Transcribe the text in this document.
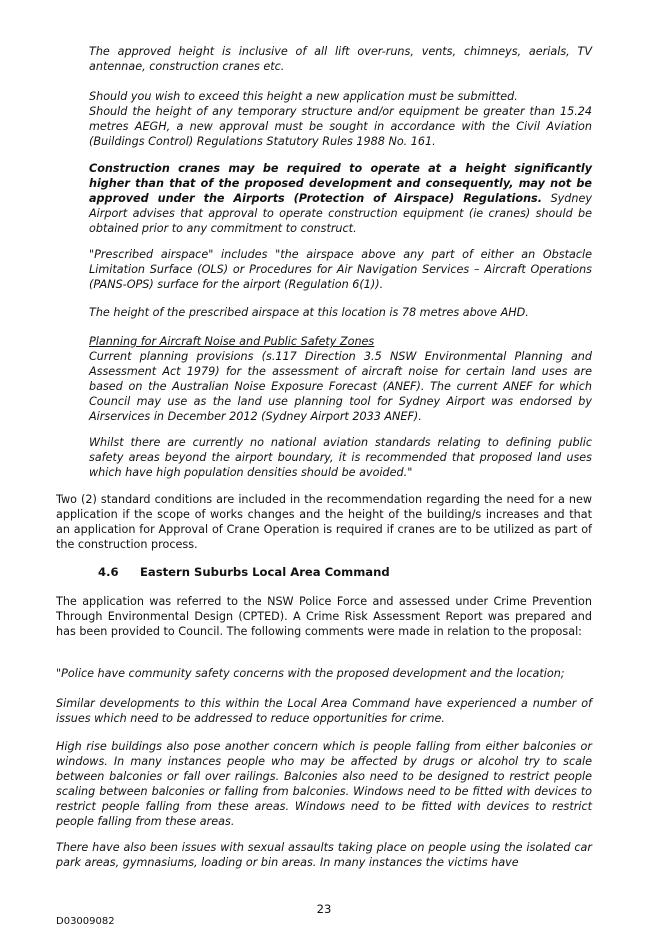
The approved height is inclusive of all lift over-runs, vents, chimneys, aerials, TV antennae, construction cranes etc.

Should you wish to exceed this height a new application must be submitted.
Should the height of any temporary structure and/or equipment be greater than 15.24 metres AEGH, a new approval must be sought in accordance with the Civil Aviation (Buildings Control) Regulations Statutory Rules 1988 No. 161.

Construction cranes may be required to operate at a height significantly higher than that of the proposed development and consequently, may not be approved under the Airports (Protection of Airspace) Regulations. Sydney Airport advises that approval to operate construction equipment (ie cranes) should be obtained prior to any commitment to construct.

"Prescribed airspace" includes "the airspace above any part of either an Obstacle Limitation Surface (OLS) or Procedures for Air Navigation Services – Aircraft Operations (PANS-OPS) surface for the airport (Regulation 6(1)).

The height of the prescribed airspace at this location is 78 metres above AHD.

Planning for Aircraft Noise and Public Safety Zones
Current planning provisions (s.117 Direction 3.5 NSW Environmental Planning and Assessment Act 1979) for the assessment of aircraft noise for certain land uses are based on the Australian Noise Exposure Forecast (ANEF). The current ANEF for which Council may use as the land use planning tool for Sydney Airport was endorsed by Airservices in December 2012 (Sydney Airport 2033 ANEF).

Whilst there are currently no national aviation standards relating to defining public safety areas beyond the airport boundary, it is recommended that proposed land uses which have high population densities should be avoided."

Two (2) standard conditions are included in the recommendation regarding the need for a new application if the scope of works changes and the height of the building/s increases and that an application for Approval of Crane Operation is required if cranes are to be utilized as part of the construction process.

4.6 Eastern Suburbs Local Area Command

The application was referred to the NSW Police Force and assessed under Crime Prevention Through Environmental Design (CPTED). A Crime Risk Assessment Report was prepared and has been provided to Council. The following comments were made in relation to the proposal:

"Police have community safety concerns with the proposed development and the location;

Similar developments to this within the Local Area Command have experienced a number of issues which need to be addressed to reduce opportunities for crime.

High rise buildings also pose another concern which is people falling from either balconies or windows. In many instances people who may be affected by drugs or alcohol try to scale between balconies or fall over railings. Balconies also need to be designed to restrict people scaling between balconies or falling from balconies. Windows need to be fitted with devices to restrict people falling from these areas. Windows need to be fitted with devices to restrict people falling from these areas.

There have also been issues with sexual assaults taking place on people using the isolated car park areas, gymnasiums, loading or bin areas. In many instances the victims have

23

D03009082
